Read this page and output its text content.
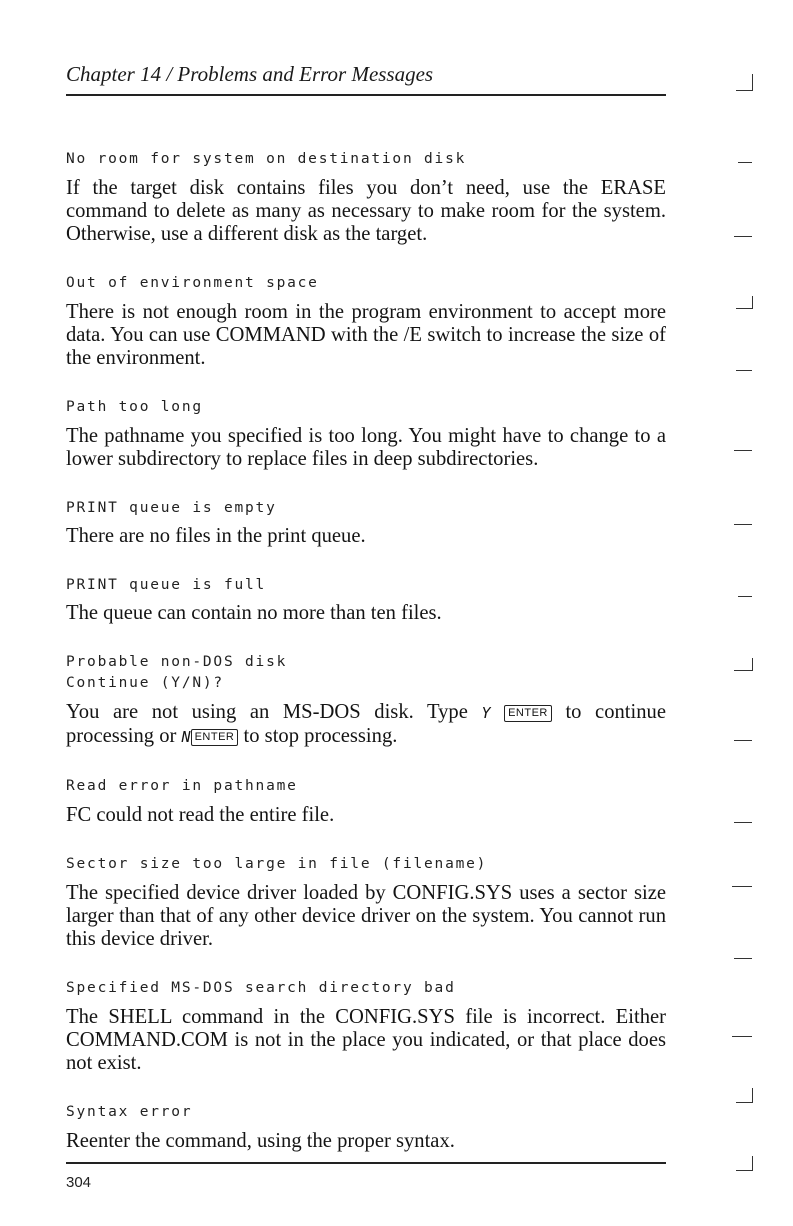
Chapter 14 / Problems and Error Messages
No room for system on destination disk
If the target disk contains files you don’t need, use the ERASE command to delete as many as necessary to make room for the system. Otherwise, use a different disk as the target.
Out of environment space
There is not enough room in the program environment to accept more data. You can use COMMAND with the /E switch to increase the size of the environment.
Path too long
The pathname you specified is too long. You might have to change to a lower subdirectory to replace files in deep subdirectories.
PRINT queue is empty
There are no files in the print queue.
PRINT queue is full
The queue can contain no more than ten files.
Probable non-DOS disk
Continue (Y/N)?
You are not using an MS-DOS disk. Type Y ENTER to continue processing or N ENTER to stop processing.
Read error in pathname
FC could not read the entire file.
Sector size too large in file (filename)
The specified device driver loaded by CONFIG.SYS uses a sector size larger than that of any other device driver on the system. You cannot run this device driver.
Specified MS-DOS search directory bad
The SHELL command in the CONFIG.SYS file is incorrect. Either COMMAND.COM is not in the place you indicated, or that place does not exist.
Syntax error
Reenter the command, using the proper syntax.
304
